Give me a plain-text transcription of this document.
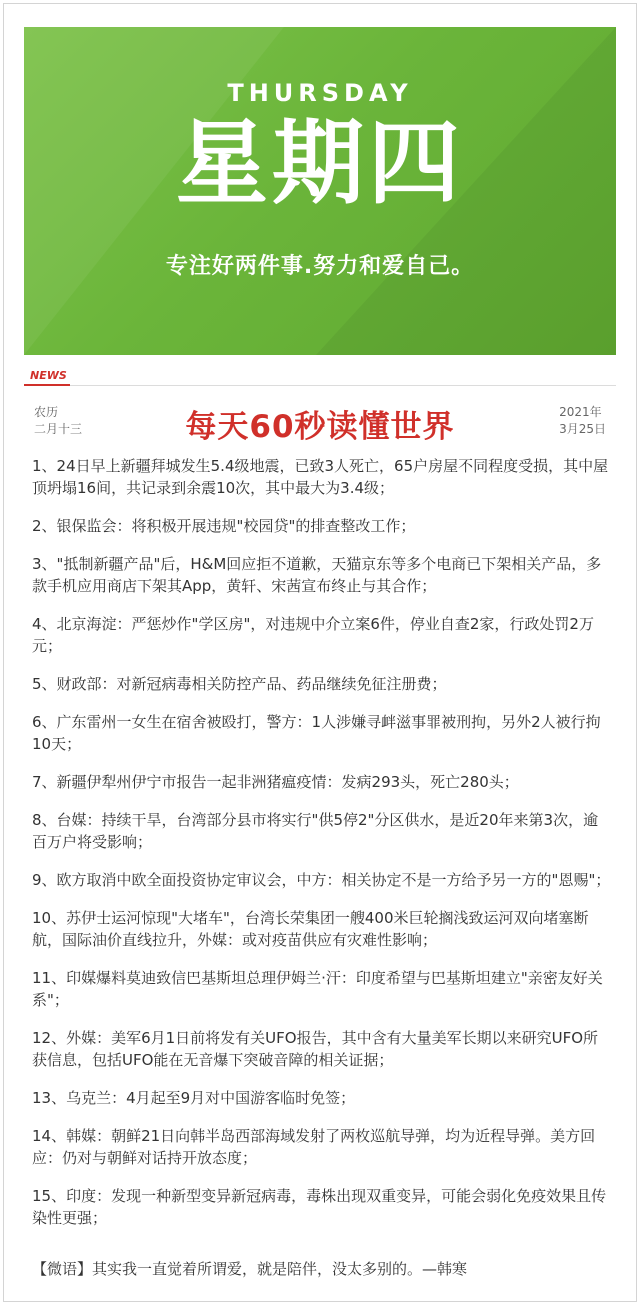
THURSDAY
星期四
专注好两件事.努力和爱自己。
NEWS
农历
二月十三	每天60秒读懂世界	2021年
3月25日
1、24日早上新疆拜城发生5.4级地震，已致3人死亡，65户房屋不同程度受损，其中屋顶坍塌16间，共记录到余震10次，其中最大为3.4级；
2、银保监会：将积极开展违规"校园贷"的排查整改工作；
3、"抵制新疆产品"后，H&M回应拒不道歉，天猫京东等多个电商已下架相关产品，多款手机应用商店下架其App，黄轩、宋茜宣布终止与其合作；
4、北京海淀：严惩炒作"学区房"，对违规中介立案6件，停业自查2家，行政处罚2万元；
5、财政部：对新冠病毒相关防控产品、药品继续免征注册费；
6、广东雷州一女生在宿舍被殴打，警方：1人涉嫌寻衅滋事罪被刑拘，另外2人被行拘10天；
7、新疆伊犁州伊宁市报告一起非洲猪瘟疫情：发病293头，死亡280头；
8、台媒：持续干旱，台湾部分县市将实行"供5停2"分区供水，是近20年来第3次，逾百万户将受影响；
9、欧方取消中欧全面投资协定审议会，中方：相关协定不是一方给予另一方的"恩赐"；
10、苏伊士运河惊现"大堵车"，台湾长荣集团一艘400米巨轮搁浅致运河双向堵塞断航，国际油价直线拉升，外媒：或对疫苗供应有灾难性影响；
11、印媒爆料莫迪致信巴基斯坦总理伊姆兰·汗：印度希望与巴基斯坦建立"亲密友好关系"；
12、外媒：美军6月1日前将发有关UFO报告，其中含有大量美军长期以来研究UFO所获信息，包括UFO能在无音爆下突破音障的相关证据；
13、乌克兰：4月起至9月对中国游客临时免签；
14、韩媒：朝鲜21日向韩半岛西部海域发射了两枚巡航导弹，均为近程导弹。美方回应：仍对与朝鲜对话持开放态度；
15、印度：发现一种新型变异新冠病毒，毒株出现双重变异，可能会弱化免疫效果且传染性更强；
【微语】其实我一直觉着所谓爱，就是陪伴，没太多别的。—韩寒
